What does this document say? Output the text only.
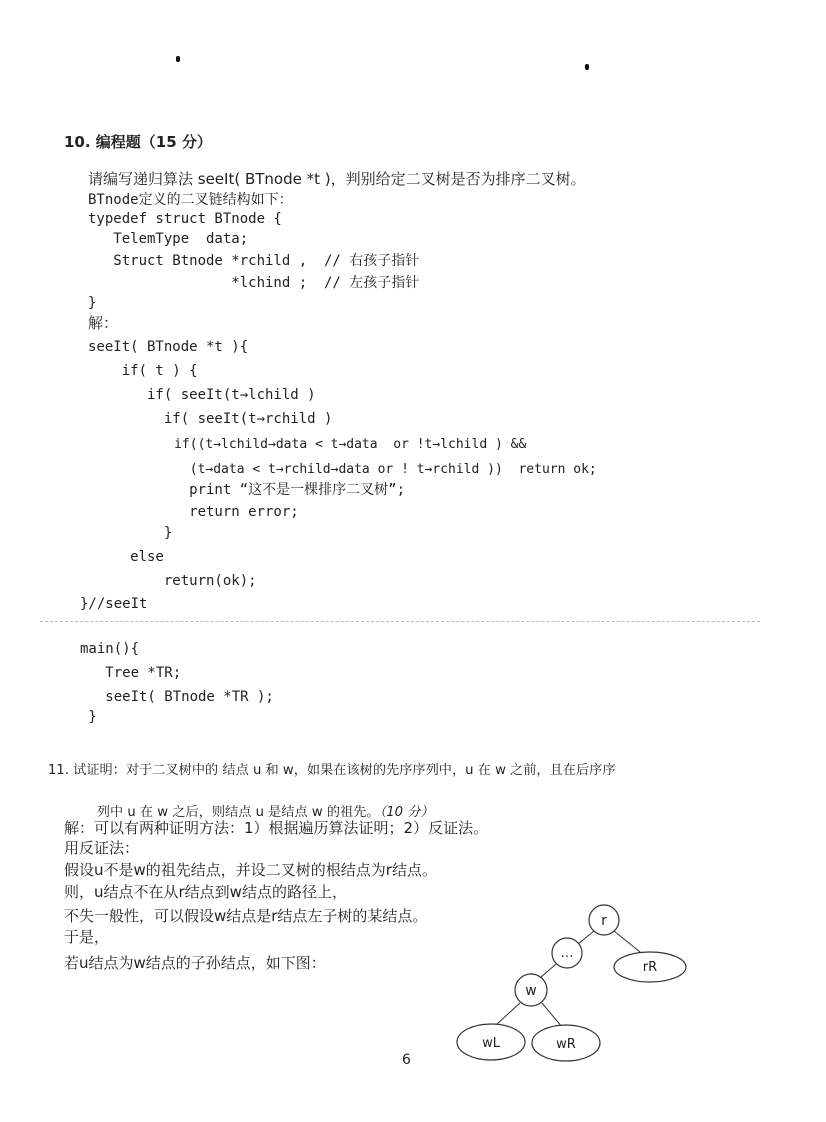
10. 编程题（15 分）
请编写递归算法 seeIt( BTnode *t )，判别给定二叉树是否为排序二叉树。
BTnode定义的二叉链结构如下：
typedef struct BTnode {
TelemType  data;
Struct Btnode *rchild ,  // 右孩子指针
*lchind ;  // 左孩子指针
}
解：
seeIt( BTnode *t ){
if( t ) {
if( seeIt(t→lchild )
if( seeIt(t→rchild )
if((t→lchild→data < t→data  or !t→lchild ) &&
(t→data < t→rchild→data or ! t→rchild ))  return ok;
print “这不是一棵排序二叉树”;
return error;
}
else
return(ok);
}//seeIt
main(){
Tree *TR;
seeIt( BTnode *TR );
}
11. 试证明：对于二叉树中的 结点 u 和 w，如果在该树的先序序列中，u 在 w 之前，且在后序序

列中 u 在 w 之后，则结点 u 是结点 w 的祖先。（10 分）

解：可以有两种证明方法：1）根据遍历算法证明；2）反证法。
用反证法：
假设u不是w的祖先结点，并设二叉树的根结点为r结点。
则，u结点不在从r结点到w结点的路径上，
不失一般性，可以假设w结点是r结点左子树的某结点。
于是，
若u结点为w结点的子孙结点，如下图：
r
…
rR
w
wL	wR
6
